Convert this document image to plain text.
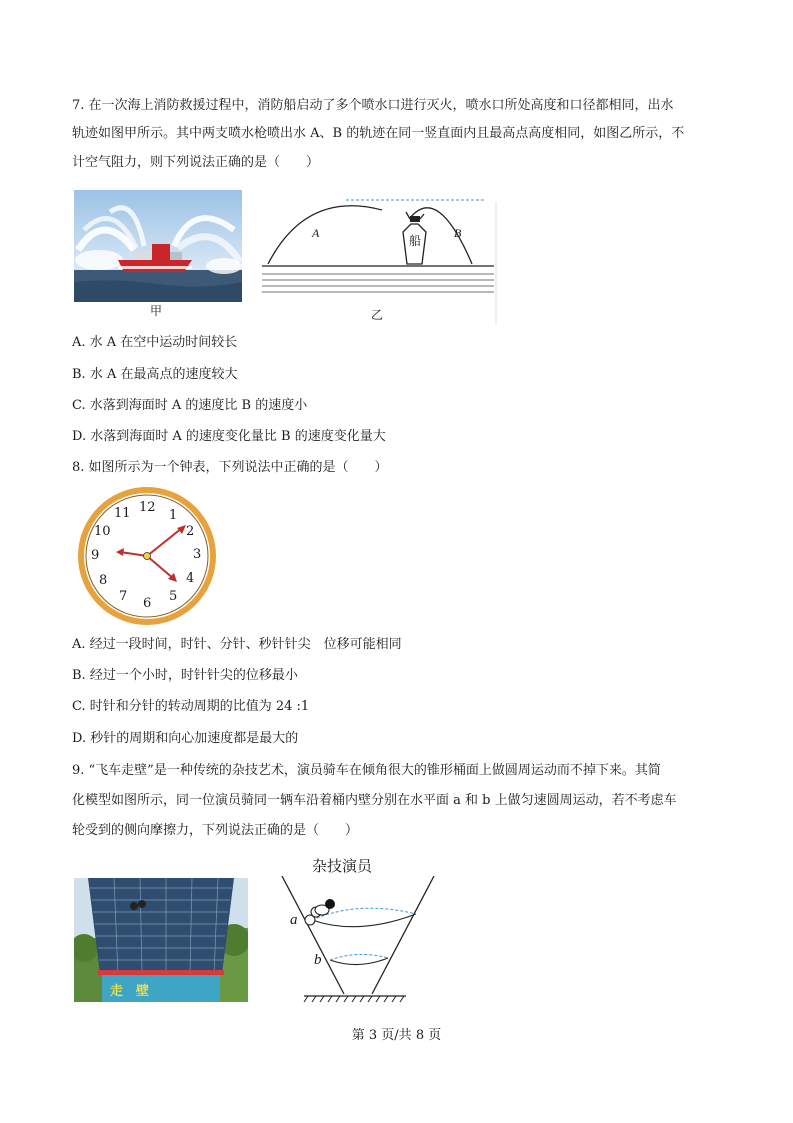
7. 在一次海上消防救援过程中，消防船启动了多个喷水口进行灭火，喷水口所处高度和口径都相同，出水
轨迹如图甲所示。其中两支喷水枪喷出水 A、B 的轨迹在同一竖直面内且最高点高度相同，如图乙所示，不
计空气阻力，则下列说法正确的是（　　）
甲
A	B
船
乙
A. 水 A 在空中运动时间较长
B. 水 A 在最高点的速度较大
C. 水落到海面时 A 的速度比 B 的速度小
D. 水落到海面时 A 的速度变化量比 B 的速度变化量大
8. 如图所示为一个钟表，下列说法中正确的是（　　）
12
1
2
3
4
5
6
7
8
9
10
11
A. 经过一段时间，时针、分针、秒针针尖　位移可能相同
B. 经过一个小时，时针针尖的位移最小
C. 时针和分针的转动周期的比值为 24 :1
D. 秒针的周期和向心加速度都是最大的
9. “飞车走壁”是一种传统的杂技艺术，演员骑车在倾角很大的锥形桶面上做圆周运动而不掉下来。其简
化模型如图所示，同一位演员骑同一辆车沿着桶内壁分别在水平面 a 和 b 上做匀速圆周运动，若不考虑车
轮受到的侧向摩擦力，下列说法正确的是（　　）
走　壁
杂技演员
a
b
第 3 页/共 8 页
